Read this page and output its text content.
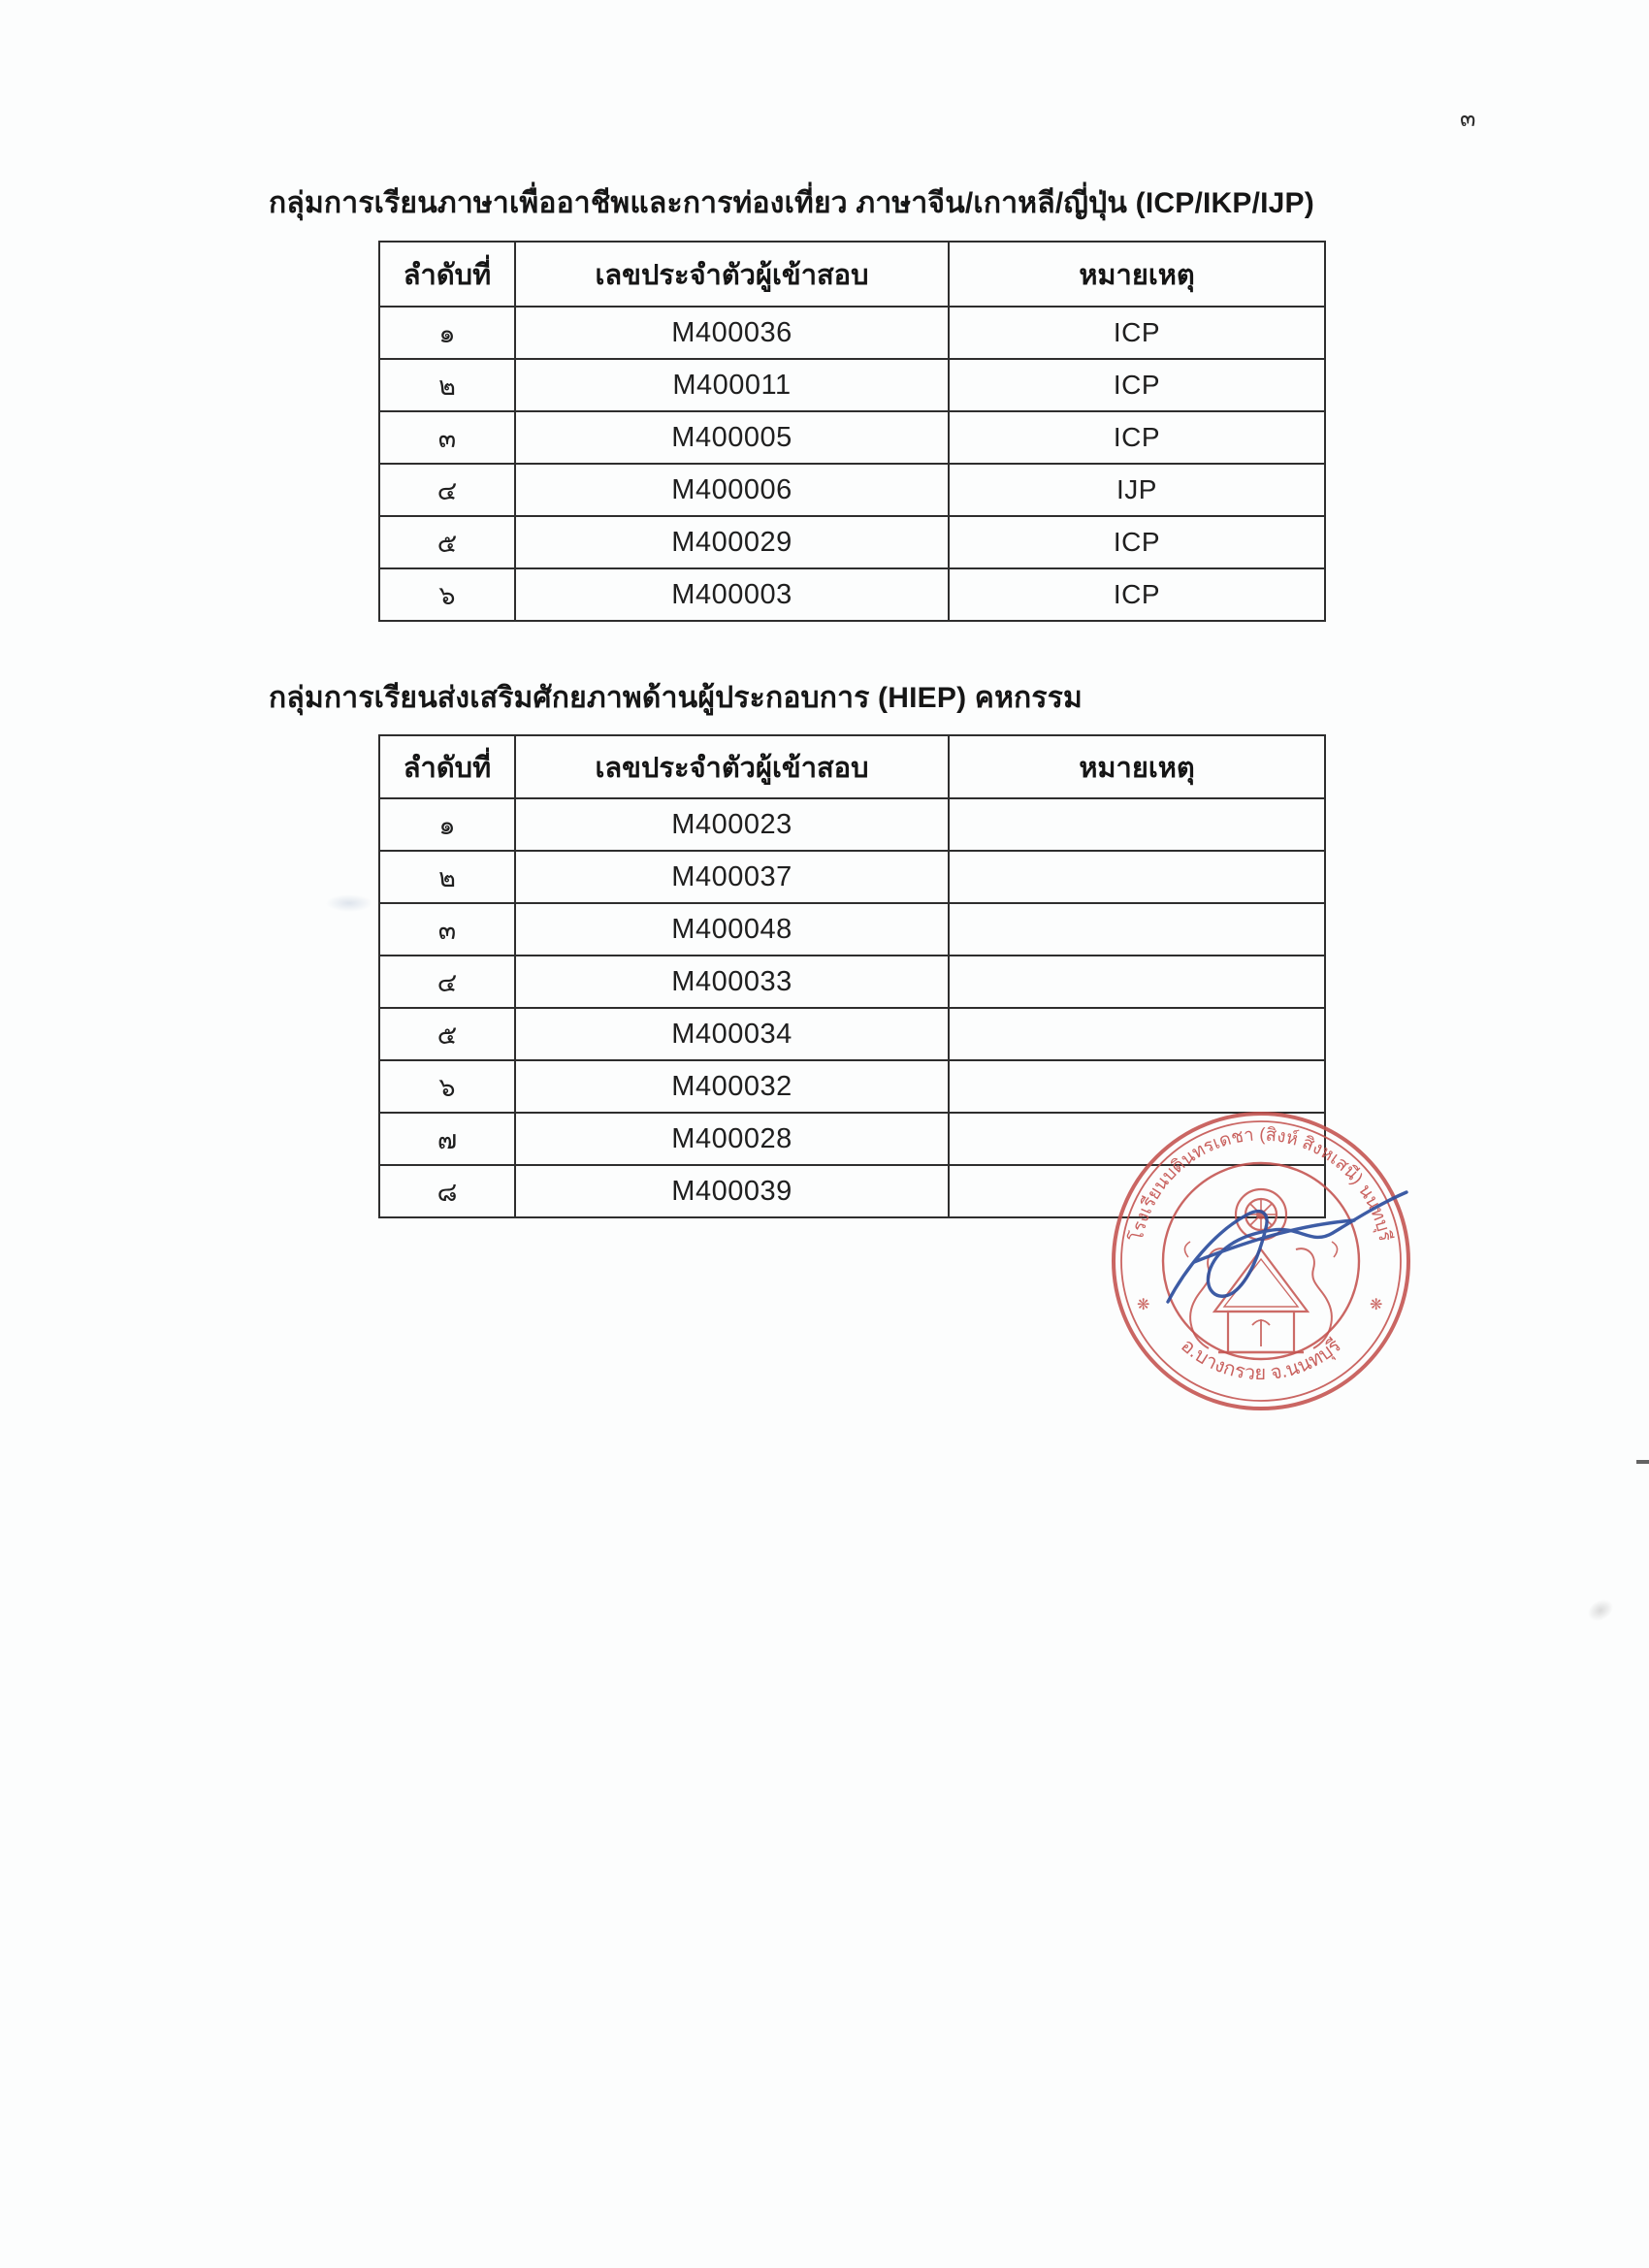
๓
กลุ่มการเรียนภาษาเพื่ออาชีพและการท่องเที่ยว ภาษาจีน/เกาหลี/ญี่ปุ่น (ICP/IKP/IJP)
ลำดับที่	เลขประจำตัวผู้เข้าสอบ	หมายเหตุ
๑	M400036	ICP
๒	M400011	ICP
๓	M400005	ICP
๔	M400006	IJP
๕	M400029	ICP
๖	M400003	ICP
กลุ่มการเรียนส่งเสริมศักยภาพด้านผู้ประกอบการ (HIEP) คหกรรม
ลำดับที่	เลขประจำตัวผู้เข้าสอบ	หมายเหตุ
๑	M400023	
๒	M400037	
๓	M400048	
๔	M400033	
๕	M400034	
๖	M400032	
๗	M400028	
๘	M400039	
โรงเรียนบดินทรเดชา (สิงห์ สิงหเสนี) นนทบุรี
อ.บางกรวย จ.นนทบุรี
❋	❋
